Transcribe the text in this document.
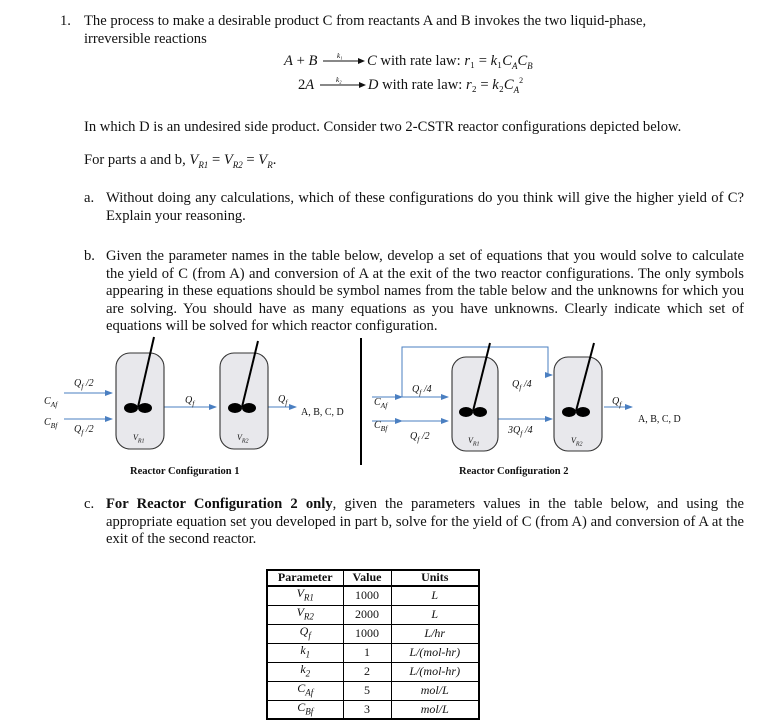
1. The process to make a desirable product C from reactants A and B invokes the two liquid-phase,
irreversible reactions
A + B	k₁ C with rate law: $r_1 = k_1C_AC_B$
2A	k₂ D with rate law: $r_2 = k_2C_A^2$
In which D is an undesired side product. Consider two 2-CSTR reactor configurations depicted below.
For parts a and b, $V_{R1} = V_{R2} = V_R$.
a. Without doing any calculations, which of these configurations do you think will give the higher yield of C? Explain your reasoning.
b. Given the parameter names in the table below, develop a set of equations that you would solve to calculate the yield of C (from A) and conversion of A at the exit of the two reactor configurations. The only symbols appearing in these equations should be symbol names from the table below and the unknowns for which you are solving. You should have as many equations as you have unknowns. Clearly indicate which set of equations will be solved for which reactor configuration.
$Q_f$ /2
$C_{Af}$
$C_{Bf}$ $Q_f$ /2
$Q_f$	$Q_f$
A, B, C, D
$V_{R1}$	$V_{R2}$
$C_{Af}$
$C_{Bf}$
$Q_f$ /4	$Q_f$ /4
$Q_f$ /2
$3Q_f$ /4
$Q_f$
A, B, C, D
$V_{R1}$	$V_{R2}$
Reactor Configuration 1	Reactor Configuration 2
c. For Reactor Configuration 2 only, given the parameters values in the table below, and using the appropriate equation set you developed in part b, solve for the yield of C (from A) and conversion of A at the exit of the second reactor.
Parameter	Value	Units
$V_{R1}$	1000	L
$V_{R2}$	2000	L
$Q_f$	1000	L/hr
$k_1$	1	L/(mol-hr)
$k_2$	2	L/(mol-hr)
$C_{Af}$	5	mol/L
$C_{Bf}$	3	mol/L
